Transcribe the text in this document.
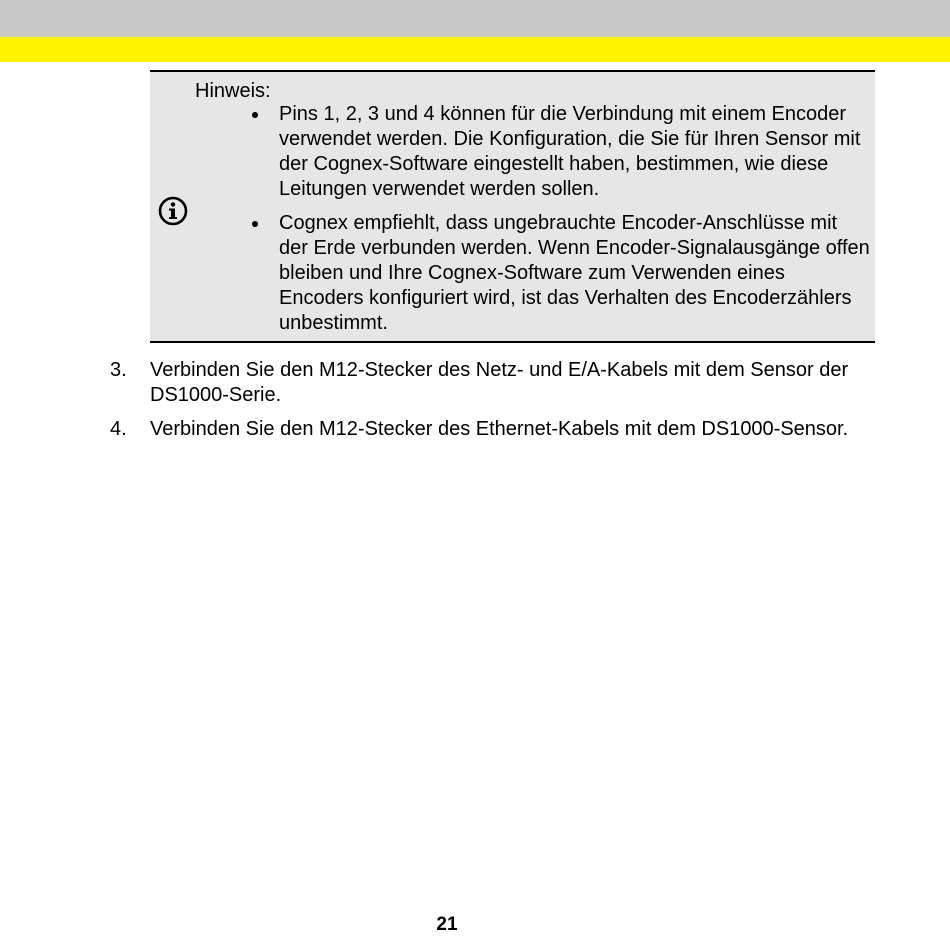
Hinweis:
Pins 1, 2, 3 und 4 können für die Verbindung mit einem Encoder verwendet werden. Die Konfiguration, die Sie für Ihren Sensor mit der Cognex-Software eingestellt haben, bestimmen, wie diese Leitungen verwendet werden sollen.
Cognex empfiehlt, dass ungebrauchte Encoder-Anschlüsse mit der Erde verbunden werden. Wenn Encoder-Signalausgänge offen bleiben und Ihre Cognex-Software zum Verwenden eines Encoders konfiguriert wird, ist das Verhalten des Encoderzählers unbestimmt.
3. Verbinden Sie den M12-Stecker des Netz- und E/A-Kabels mit dem Sensor der DS1000-Serie.
4. Verbinden Sie den M12-Stecker des Ethernet-Kabels mit dem DS1000-Sensor.
21
